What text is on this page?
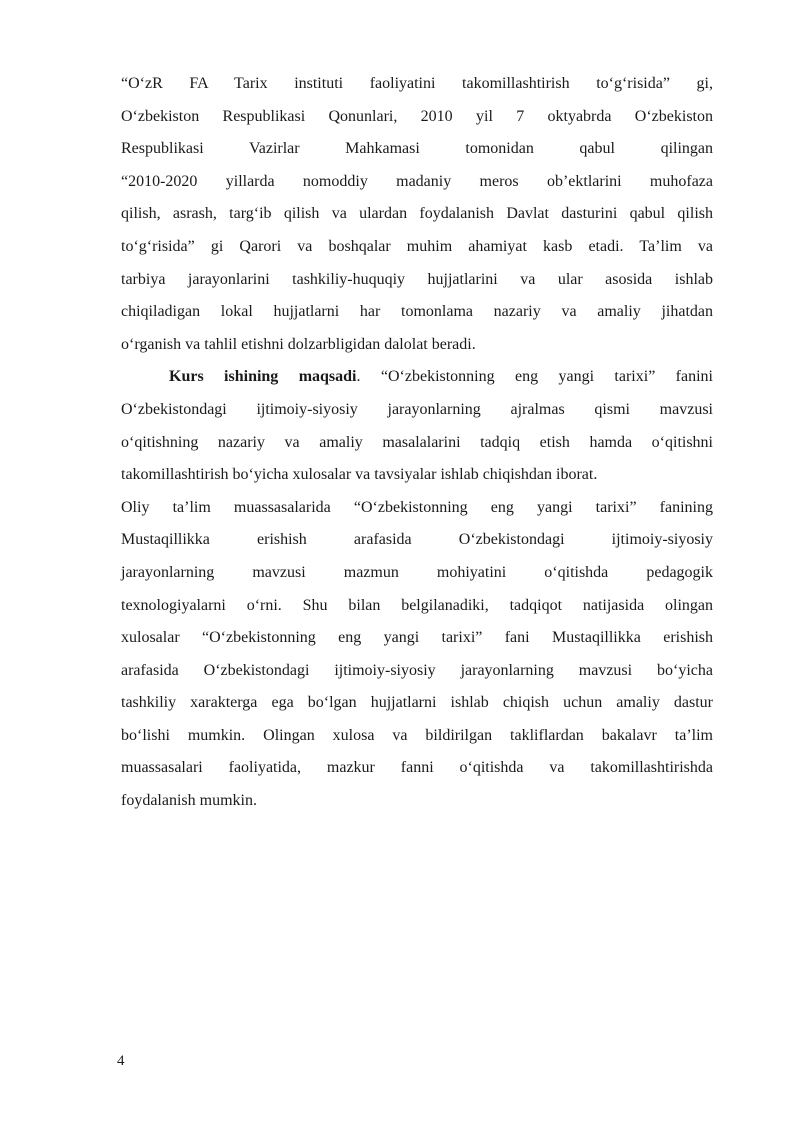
“O‘zR FA Tarix instituti faoliyatini takomillashtirish to‘g‘risida” gi,
O‘zbekiston Respublikasi Qonunlari, 2010 yil 7 oktyabrda O‘zbekiston
Respublikasi Vazirlar Mahkamasi tomonidan qabul qilingan
“2010-2020 yillarda nomoddiy madaniy meros ob’ektlarini muhofaza
qilish, asrash, targ‘ib qilish va ulardan foydalanish Davlat dasturini qabul qilish
to‘g‘risida” gi Qarori va boshqalar muhim ahamiyat kasb etadi. Ta’lim va
tarbiya jarayonlarini tashkiliy-huquqiy hujjatlarini va ular asosida ishlab
chiqiladigan lokal hujjatlarni har tomonlama nazariy va amaliy jihatdan
o‘rganish va tahlil etishni dolzarbligidan dalolat beradi.
Kurs ishining maqsadi. “O‘zbekistonning eng yangi tarixi” fanini
O‘zbekistondagi ijtimoiy-siyosiy jarayonlarning ajralmas qismi mavzusi
o‘qitishning nazariy va amaliy masalalarini tadqiq etish hamda o‘qitishni
takomillashtirish bo‘yicha xulosalar va tavsiyalar ishlab chiqishdan iborat.
Oliy ta’lim muassasalarida “O‘zbekistonning eng yangi tarixi” fanining
Mustaqillikka erishish arafasida O‘zbekistondagi ijtimoiy-siyosiy
jarayonlarning mavzusi mazmun mohiyatini o‘qitishda pedagogik
texnologiyalarni o‘rni. Shu bilan belgilanadiki, tadqiqot natijasida olingan
xulosalar “O‘zbekistonning eng yangi tarixi” fani Mustaqillikka erishish
arafasida O‘zbekistondagi ijtimoiy-siyosiy jarayonlarning mavzusi bo‘yicha
tashkiliy xarakterga ega bo‘lgan hujjatlarni ishlab chiqish uchun amaliy dastur
bo‘lishi mumkin. Olingan xulosa va bildirilgan takliflardan bakalavr ta’lim
muassasalari faoliyatida, mazkur fanni o‘qitishda va takomillashtirishda
foydalanish mumkin.
4
